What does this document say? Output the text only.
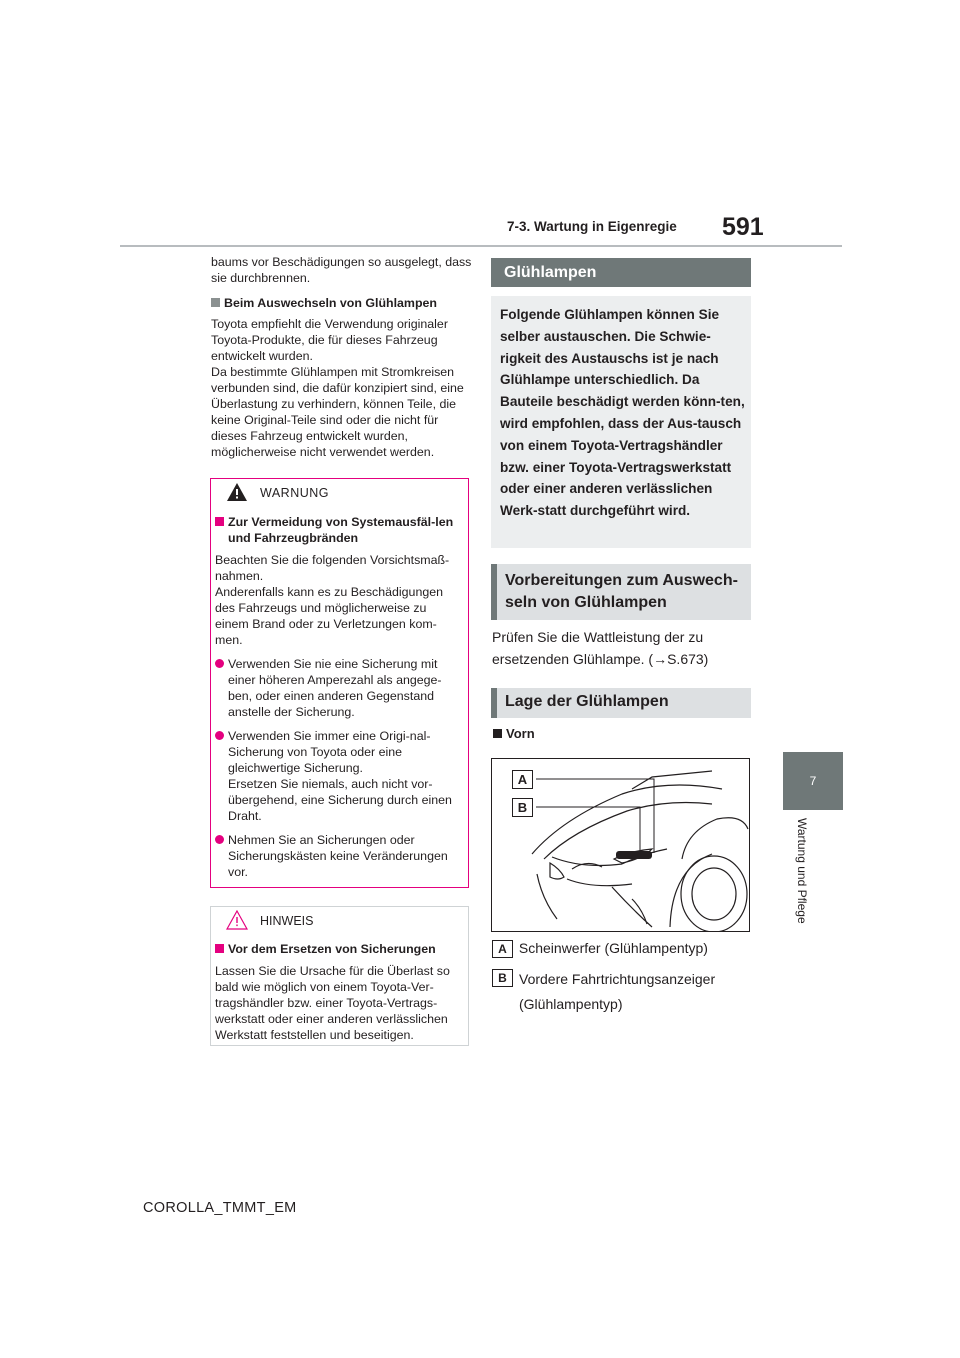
7-3. Wartung in Eigenregie 591
7
Wartung und Pflege

baums vor Beschädigungen so ausgelegt, dass sie durchbrennen.

Beim Auswechseln von Glühlampen

Toyota empfiehlt die Verwendung originaler Toyota-Produkte, die für dieses Fahrzeug entwickelt wurden.

Da bestimmte Glühlampen mit Stromkreisen verbunden sind, die dafür konzipiert sind, eine Überlastung zu verhindern, können Teile, die keine Original-Teile sind oder die nicht für dieses Fahrzeug entwickelt wurden, möglicherweise nicht verwendet werden.

WARNUNG

Zur Vermeidung von Systemausfäl-len und Fahrzeugbränden

Beachten Sie die folgenden Vorsichtsmaß-nahmen.

Anderenfalls kann es zu Beschädigungen des Fahrzeugs und möglicherweise zu einem Brand oder zu Verletzungen kom-men.

Verwenden Sie nie eine Sicherung mit einer höheren Amperezahl als angege-ben, oder einen anderen Gegenstand anstelle der Sicherung.

Verwenden Sie immer eine Origi-nal-Sicherung von Toyota oder eine gleichwertige Sicherung.

Ersetzen Sie niemals, auch nicht vor-übergehend, eine Sicherung durch einen Draht.

Nehmen Sie an Sicherungen oder Sicherungskästen keine Veränderungen vor.

HINWEIS

Vor dem Ersetzen von Sicherungen

Lassen Sie die Ursache für die Überlast so bald wie möglich von einem Toyota-Ver-tragshändler bzw. einer Toyota-Vertrags-werkstatt oder einer anderen verlässlichen Werkstatt feststellen und beseitigen.

Glühlampen
Folgende Glühlampen können Sie selber austauschen. Die Schwie-rigkeit des Austauschs ist je nach Glühlampe unterschiedlich. Da Bauteile beschädigt werden könn-ten, wird empfohlen, dass der Aus-tausch von einem Toyota-Vertragshändler bzw. einer Toyota-Vertragswerkstatt oder einer anderen verlässlichen Werk-statt durchgeführt wird.
Vorbereitungen zum Auswech-seln von Glühlampen
Prüfen Sie die Wattleistung der zu ersetzenden Glühlampe. (→S.673)
Lage der Glühlampen
Vorn
A
B
A Scheinwerfer (Glühlampentyp)
B Vordere Fahrtrichtungsanzeiger (Glühlampentyp)
COROLLA_TMMT_EM
